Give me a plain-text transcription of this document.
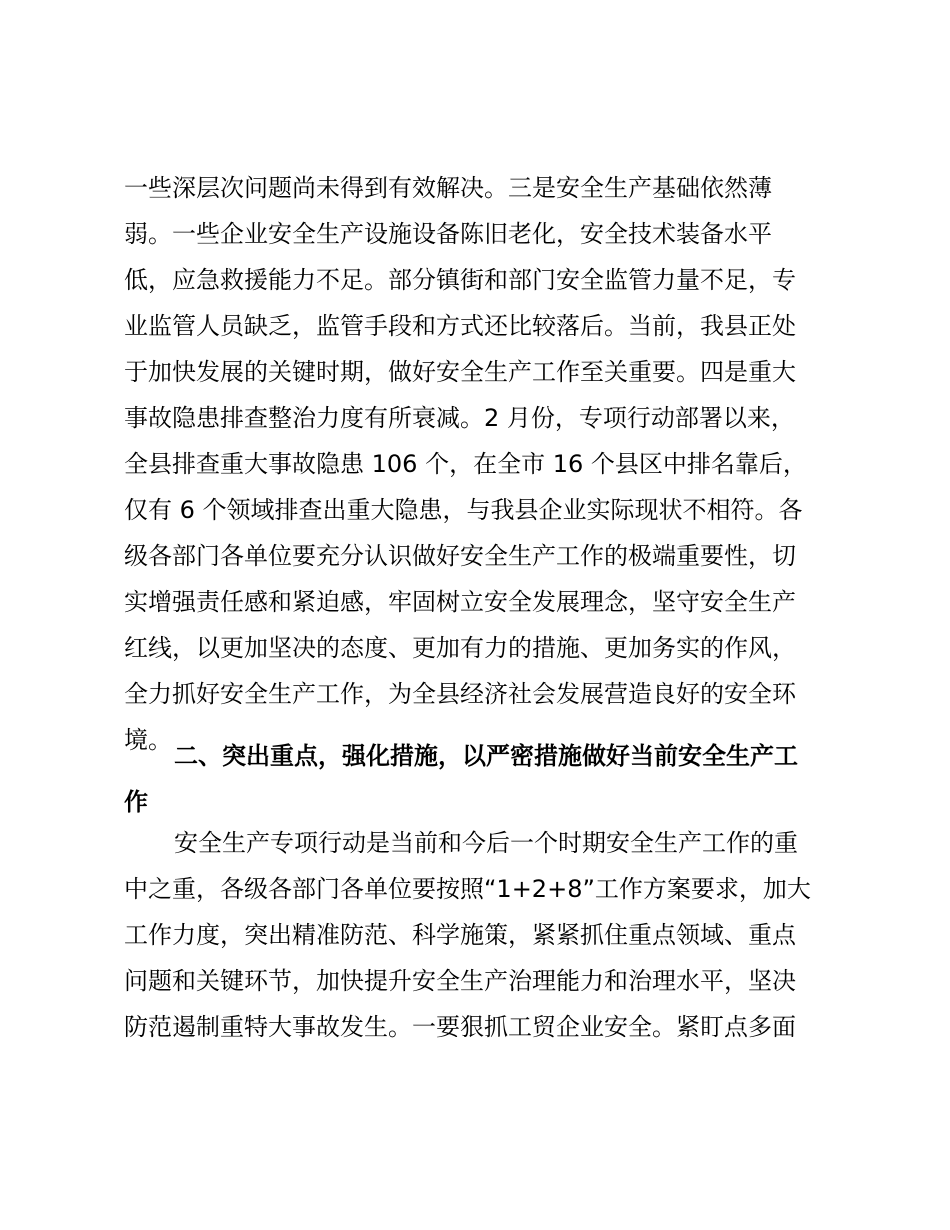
一些深层次问题尚未得到有效解决。三是安全生产基础依然薄
弱。一些企业安全生产设施设备陈旧老化，安全技术装备水平
低，应急救援能力不足。部分镇街和部门安全监管力量不足，专
业监管人员缺乏，监管手段和方式还比较落后。当前，我县正处
于加快发展的关键时期，做好安全生产工作至关重要。四是重大
事故隐患排查整治力度有所衰减。2 月份，专项行动部署以来，
全县排查重大事故隐患 106 个，在全市 16 个县区中排名靠后，
仅有 6 个领域排查出重大隐患，与我县企业实际现状不相符。各
级各部门各单位要充分认识做好安全生产工作的极端重要性，切
实增强责任感和紧迫感，牢固树立安全发展理念，坚守安全生产
红线，以更加坚决的态度、更加有力的措施、更加务实的作风，
全力抓好安全生产工作，为全县经济社会发展营造良好的安全环
境。
二、突出重点，强化措施，以严密措施做好当前安全生产工
作
安全生产专项行动是当前和今后一个时期安全生产工作的重
中之重，各级各部门各单位要按照“1+2+8”工作方案要求，加大
工作力度，突出精准防范、科学施策，紧紧抓住重点领域、重点
问题和关键环节，加快提升安全生产治理能力和治理水平，坚决
防范遏制重特大事故发生。一要狠抓工贸企业安全。紧盯点多面
